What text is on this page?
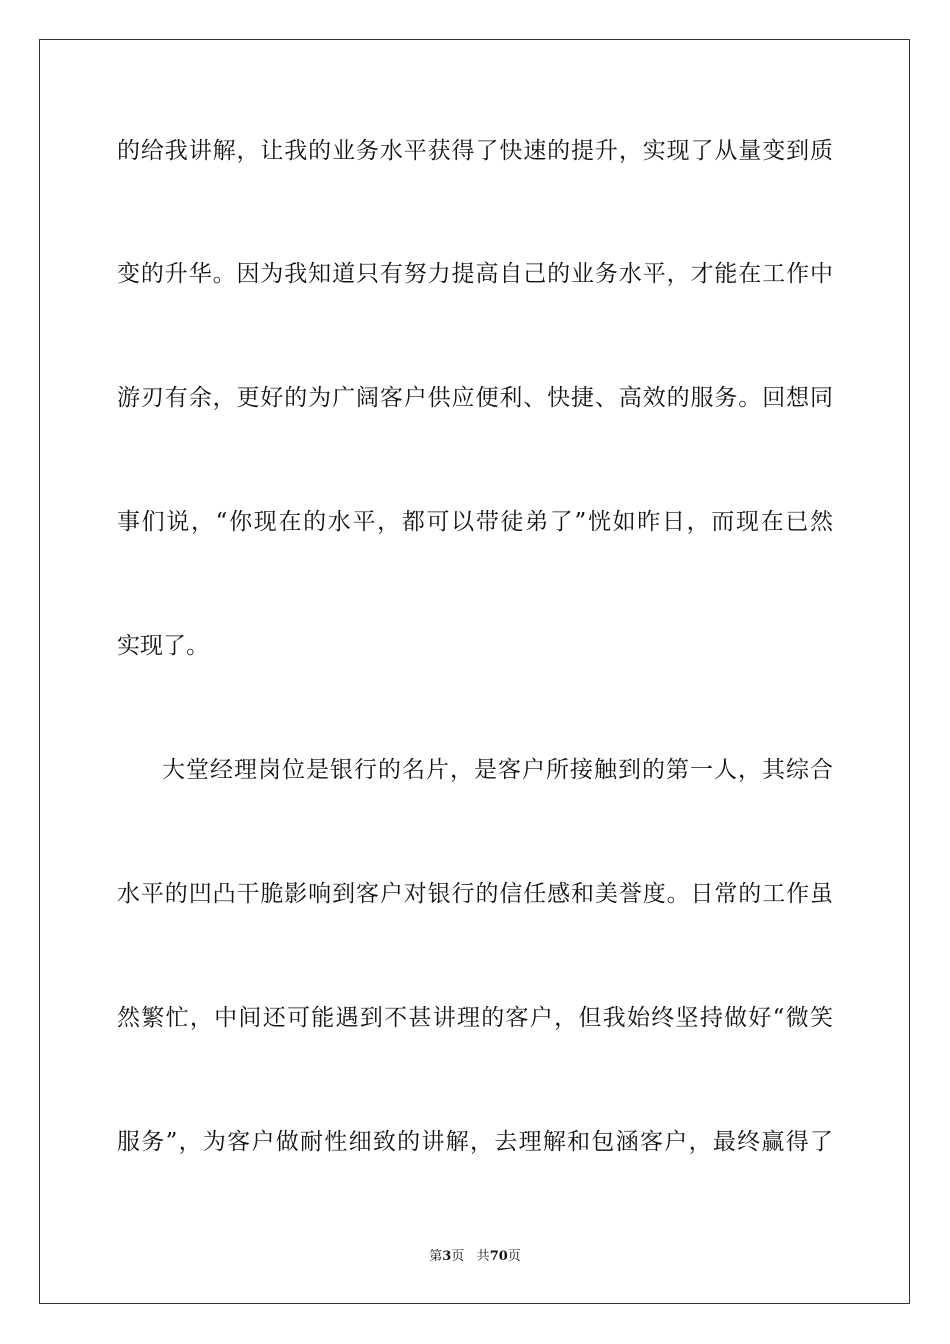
的给我讲解，让我的业务水平获得了快速的提升，实现了从量变到质
变的升华。因为我知道只有努力提高自己的业务水平，才能在工作中
游刃有余，更好的为广阔客户供应便利、快捷、高效的服务。回想同
事们说，“你现在的水平，都可以带徒弟了”恍如昨日，而现在已然
实现了。
大堂经理岗位是银行的名片，是客户所接触到的第一人，其综合
水平的凹凸干脆影响到客户对银行的信任感和美誉度。日常的工作虽
然繁忙，中间还可能遇到不甚讲理的客户，但我始终坚持做好“微笑
服务”，为客户做耐性细致的讲解，去理解和包涵客户，最终赢得了
第3页 共70页
